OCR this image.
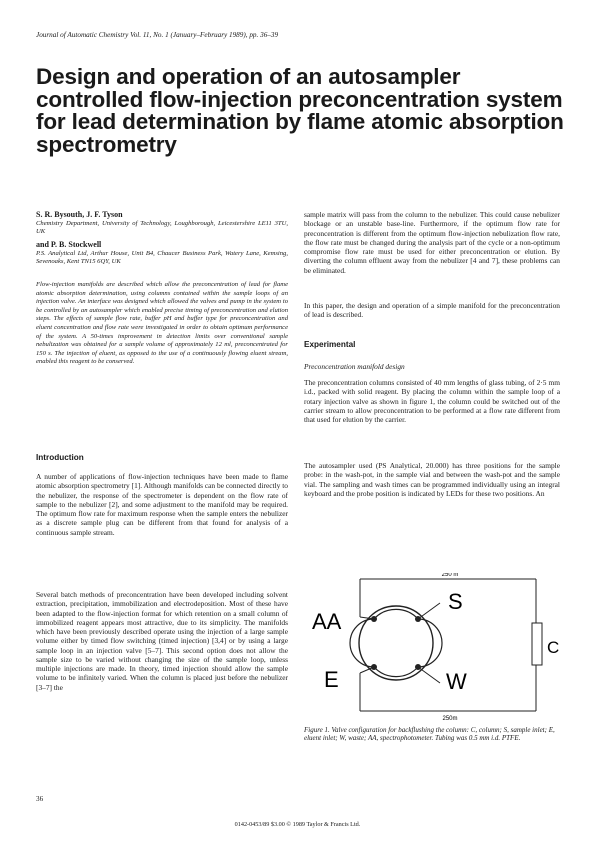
Journal of Automatic Chemistry Vol. 11, No. 1 (January–February 1989), pp. 36–39
Design and operation of an autosampler controlled flow-injection preconcentration system for lead determination by flame atomic absorption spectrometry
S. R. Bysouth, J. F. Tyson
Chemistry Department, University of Technology, Loughborough, Leicestershire LE11 3TU, UK
and P. B. Stockwell
P.S. Analytical Ltd, Arthur House, Unit B4, Chaucer Business Park, Watery Lane, Kemsing, Sevenoaks, Kent TN15 6QY, UK

Flow-injection manifolds are described which allow the preconcentration of lead for flame atomic absorption determination, using columns contained within the sample loops of an injection valve. An interface was designed which allowed the valves and pump in the system to be controlled by an autosampler which enabled precise timing of preconcentration and elution steps. The effects of sample flow rate, buffer pH and buffer type for preconcentration and eluent concentration and flow rate were investigated in order to obtain optimum performance of the system. A 50-times improvement in detection limits over conventional sample nebulization was obtained for a sample volume of approximately 12 ml, preconcentrated for 150 s. The injection of eluent, as opposed to the use of a continuously flowing eluent stream, enabled this reagent to be conserved.

Introduction

A number of applications of flow-injection techniques have been made to flame atomic absorption spectrometry [1]. Although manifolds can be connected directly to the nebulizer, the response of the spectrometer is dependent on the flow rate of sample to the nebulizer [2], and some adjustment to the manifold may be required. The optimum flow rate for maximum response when the sample enters the nebulizer as a discrete sample plug can be different from that found for analysis of a continuous sample stream.

Several batch methods of preconcentration have been developed including solvent extraction, precipitation, immobilization and electrodeposition. Most of these have been adapted to the flow-injection format for which retention on a small column of immobilized reagent appears most attractive, due to its simplicity. The manifolds which have been previously described operate using the injection of a large sample volume either by timed flow switching (timed injection) [3,4] or by using a large sample loop in an injection valve [5–7]. This second option does not allow the sample size to be varied without changing the size of the sample loop, unless multiple injections are made. In theory, timed injection should allow the sample volume to be infinitely varied. When the column is placed just before the nebulizer [3–7] the

sample matrix will pass from the column to the nebulizer. This could cause nebulizer blockage or an unstable base-line. Furthermore, if the optimum flow rate for preconcentration is different from the optimum flow-injection nebulization flow rate, the flow rate must be changed during the analysis part of the cycle or a non-optimum compromise flow rate must be used for either preconcentration or elution. By diverting the column effluent away from the nebulizer [4 and 7], these problems can be eliminated.

In this paper, the design and operation of a simple manifold for the preconcentration of lead is described.

Experimental
Preconcentration manifold design

The preconcentration columns consisted of 40 mm lengths of glass tubing, of 2·5 mm i.d., packed with solid reagent. By placing the column within the sample loop of a rotary injection valve as shown in figure 1, the column could be switched out of the carrier stream to allow preconcentration to be performed at a flow rate different from that used for elution by the carrier.

The autosampler used (PS Analytical, 20.000) has three positions for the sample probe: in the wash-pot, in the sample vial and between the wash-pot and the sample vial. The sampling and wash times can be programmed individually using an integral keyboard and the probe position is indicated by LEDs for these two positions. An

250 m
250m
C
AA
S
E	W

Figure 1. Valve configuration for backflushing the column: C, column; S, sample inlet; E, eluent inlet; W, waste; AA, spectrophotometer. Tubing was 0.5 mm i.d. PTFE.

36
0142-0453/89 $3.00 © 1989 Taylor & Francis Ltd.
